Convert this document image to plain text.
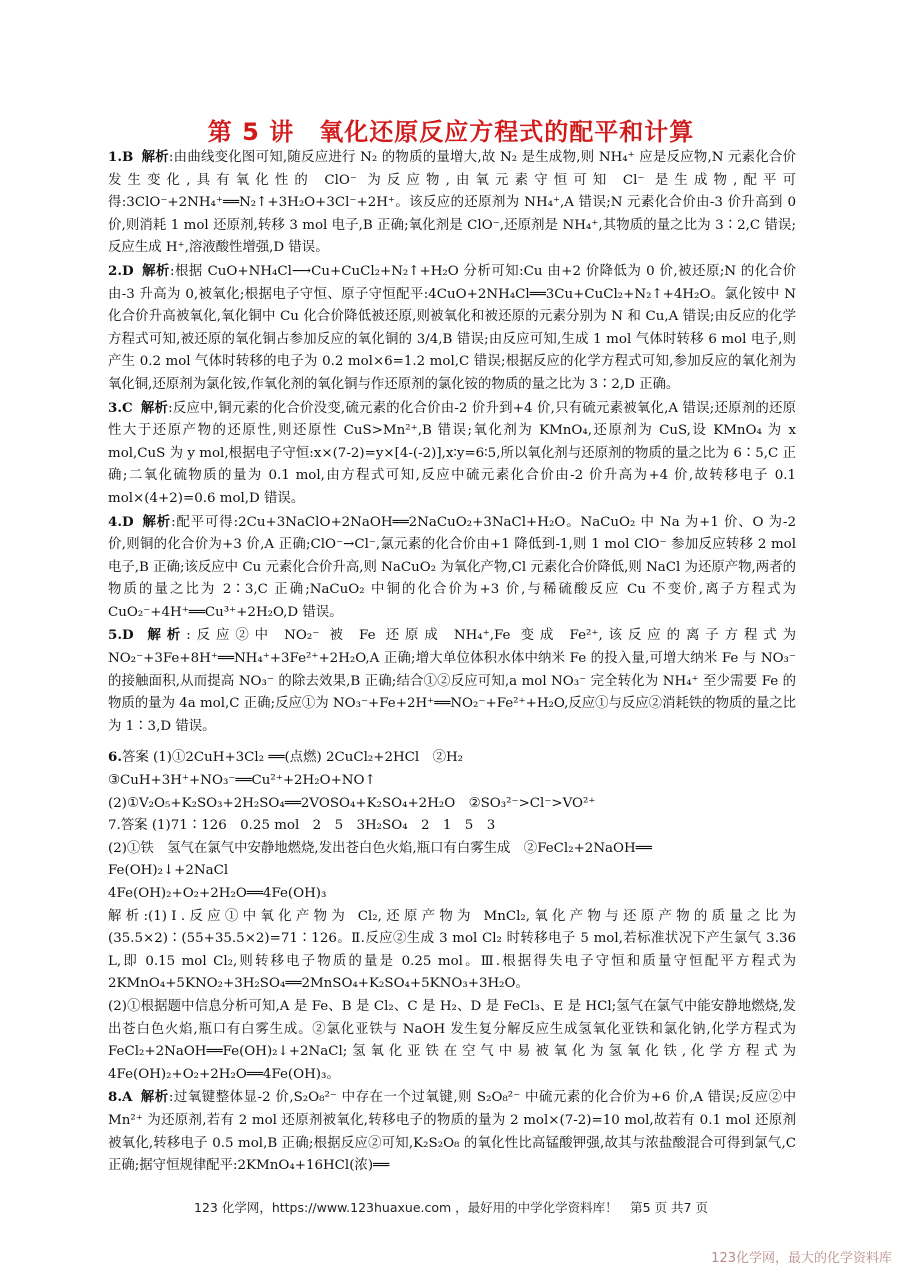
第 5 讲　氧化还原反应方程式的配平和计算

1.B 解析:由曲线变化图可知,随反应进行 N₂ 的物质的量增大,故 N₂ 是生成物,则 NH₄⁺ 应是反应物,N 元素化合价发生变化,具有氧化性的 ClO⁻ 为反应物,由氧元素守恒可知 Cl⁻ 是生成物,配平可得:3ClO⁻+2NH₄⁺══N₂↑+3H₂O+3Cl⁻+2H⁺。该反应的还原剂为 NH₄⁺,A 错误;N 元素化合价由-3 价升高到 0 价,则消耗 1 mol 还原剂,转移 3 mol 电子,B 正确;氧化剂是 ClO⁻,还原剂是 NH₄⁺,其物质的量之比为 3∶2,C 错误;反应生成 H⁺,溶液酸性增强,D 错误。

2.D 解析:根据 CuO+NH₄Cl⟶Cu+CuCl₂+N₂↑+H₂O 分析可知:Cu 由+2 价降低为 0 价,被还原;N 的化合价由-3 升高为 0,被氧化;根据电子守恒、原子守恒配平:4CuO+2NH₄Cl══3Cu+CuCl₂+N₂↑+4H₂O。氯化铵中 N 化合价升高被氧化,氧化铜中 Cu 化合价降低被还原,则被氧化和被还原的元素分别为 N 和 Cu,A 错误;由反应的化学方程式可知,被还原的氧化铜占参加反应的氧化铜的 3/4,B 错误;由反应可知,生成 1 mol 气体时转移 6 mol 电子,则产生 0.2 mol 气体时转移的电子为 0.2 mol×6=1.2 mol,C 错误;根据反应的化学方程式可知,参加反应的氧化剂为氧化铜,还原剂为氯化铵,作氧化剂的氧化铜与作还原剂的氯化铵的物质的量之比为 3∶2,D 正确。

3.C 解析:反应中,铜元素的化合价没变,硫元素的化合价由-2 价升到+4 价,只有硫元素被氧化,A 错误;还原剂的还原性大于还原产物的还原性,则还原性 CuS>Mn²⁺,B 错误;氧化剂为 KMnO₄,还原剂为 CuS,设 KMnO₄ 为 x mol,CuS 为 y mol,根据电子守恒:x×(7-2)=y×[4-(-2)],x∶y=6∶5,所以氧化剂与还原剂的物质的量之比为 6∶5,C 正确;二氧化硫物质的量为 0.1 mol,由方程式可知,反应中硫元素化合价由-2 价升高为+4 价,故转移电子 0.1 mol×(4+2)=0.6 mol,D 错误。

4.D 解析:配平可得:2Cu+3NaClO+2NaOH══2NaCuO₂+3NaCl+H₂O。NaCuO₂ 中 Na 为+1 价、O 为-2 价,则铜的化合价为+3 价,A 正确;ClO⁻→Cl⁻,氯元素的化合价由+1 降低到-1,则 1 mol ClO⁻ 参加反应转移 2 mol 电子,B 正确;该反应中 Cu 元素化合价升高,则 NaCuO₂ 为氧化产物,Cl 元素化合价降低,则 NaCl 为还原产物,两者的物质的量之比为 2∶3,C 正确;NaCuO₂ 中铜的化合价为+3 价,与稀硫酸反应 Cu 不变价,离子方程式为 CuO₂⁻+4H⁺══Cu³⁺+2H₂O,D 错误。

5.D 解析:反应②中 NO₂⁻ 被 Fe 还原成 NH₄⁺,Fe 变成 Fe²⁺,该反应的离子方程式为 NO₂⁻+3Fe+8H⁺══NH₄⁺+3Fe²⁺+2H₂O,A 正确;增大单位体积水体中纳米 Fe 的投入量,可增大纳米 Fe 与 NO₃⁻ 的接触面积,从而提高 NO₃⁻ 的除去效果,B 正确;结合①②反应可知,a mol NO₃⁻ 完全转化为 NH₄⁺ 至少需要 Fe 的物质的量为 4a mol,C 正确;反应①为 NO₃⁻+Fe+2H⁺══NO₂⁻+Fe²⁺+H₂O,反应①与反应②消耗铁的物质的量之比为 1∶3,D 错误。

6.答案 (1)①2CuH+3Cl₂ ══(点燃) 2CuCl₂+2HCl　②H₂

③CuH+3H⁺+NO₃⁻══Cu²⁺+2H₂O+NO↑

(2)①V₂O₅+K₂SO₃+2H₂SO₄══2VOSO₄+K₂SO₄+2H₂O　②SO₃²⁻>Cl⁻>VO²⁺

7.答案 (1)71∶126　0.25 mol　2　5　3H₂SO₄　2　1　5　3

(2)①铁　氢气在氯气中安静地燃烧,发出苍白色火焰,瓶口有白雾生成　②FeCl₂+2NaOH══

Fe(OH)₂↓+2NaCl

4Fe(OH)₂+O₂+2H₂O══4Fe(OH)₃

解析:(1)Ⅰ.反应①中氧化产物为 Cl₂,还原产物为 MnCl₂,氧化产物与还原产物的质量之比为 (35.5×2)∶(55+35.5×2)=71∶126。Ⅱ.反应②生成 3 mol Cl₂ 时转移电子 5 mol,若标准状况下产生氯气 3.36 L,即 0.15 mol Cl₂,则转移电子物质的量是 0.25 mol。Ⅲ.根据得失电子守恒和质量守恒配平方程式为 2KMnO₄+5KNO₂+3H₂SO₄══2MnSO₄+K₂SO₄+5KNO₃+3H₂O。

(2)①根据题中信息分析可知,A 是 Fe、B 是 Cl₂、C 是 H₂、D 是 FeCl₃、E 是 HCl;氢气在氯气中能安静地燃烧,发出苍白色火焰,瓶口有白雾生成。②氯化亚铁与 NaOH 发生复分解反应生成氢氧化亚铁和氯化钠,化学方程式为 FeCl₂+2NaOH══Fe(OH)₂↓+2NaCl;氢氧化亚铁在空气中易被氧化为氢氧化铁,化学方程式为 4Fe(OH)₂+O₂+2H₂O══4Fe(OH)₃。

8.A 解析:过氧键整体显-2 价,S₂O₈²⁻ 中存在一个过氧键,则 S₂O₈²⁻ 中硫元素的化合价为+6 价,A 错误;反应②中 Mn²⁺ 为还原剂,若有 2 mol 还原剂被氧化,转移电子的物质的量为 2 mol×(7-2)=10 mol,故若有 0.1 mol 还原剂被氧化,转移电子 0.5 mol,B 正确;根据反应②可知,K₂S₂O₈ 的氧化性比高锰酸钾强,故其与浓盐酸混合可得到氯气,C 正确;据守恒规律配平:2KMnO₄+16HCl(浓)══

123 化学网，https://www.123huaxue.com ，最好用的中学化学资料库！　第5 页 共7 页
123化学网，最大的化学资料库
